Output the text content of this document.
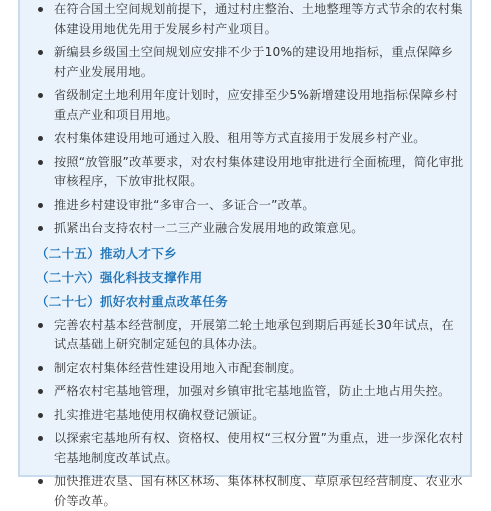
在符合国土空间规划前提下，通过村庄整治、土地整理等方式节余的农村集体建设用地优先用于发展乡村产业项目。
新编县乡级国土空间规划应安排不少于10%的建设用地指标，重点保障乡村产业发展用地。
省级制定土地利用年度计划时，应安排至少5%新增建设用地指标保障乡村重点产业和项目用地。
农村集体建设用地可通过入股、租用等方式直接用于发展乡村产业。
按照“放管服”改革要求，对农村集体建设用地审批进行全面梳理，简化审批审核程序，下放审批权限。
推进乡村建设审批“多审合一、多证合一”改革。
抓紧出台支持农村一二三产业融合发展用地的政策意见。
（二十五）推动人才下乡
（二十六）强化科技支撑作用
（二十七）抓好农村重点改革任务
完善农村基本经营制度，开展第二轮土地承包到期后再延长30年试点，在试点基础上研究制定延包的具体办法。
制定农村集体经营性建设用地入市配套制度。
严格农村宅基地管理，加强对乡镇审批宅基地监管，防止土地占用失控。
扎实推进宅基地使用权确权登记颁证。
以探索宅基地所有权、资格权、使用权“三权分置”为重点，进一步深化农村宅基地制度改革试点。
加快推进农垦、国有林区林场、集体林权制度、草原承包经营制度、农业水价等改革。
